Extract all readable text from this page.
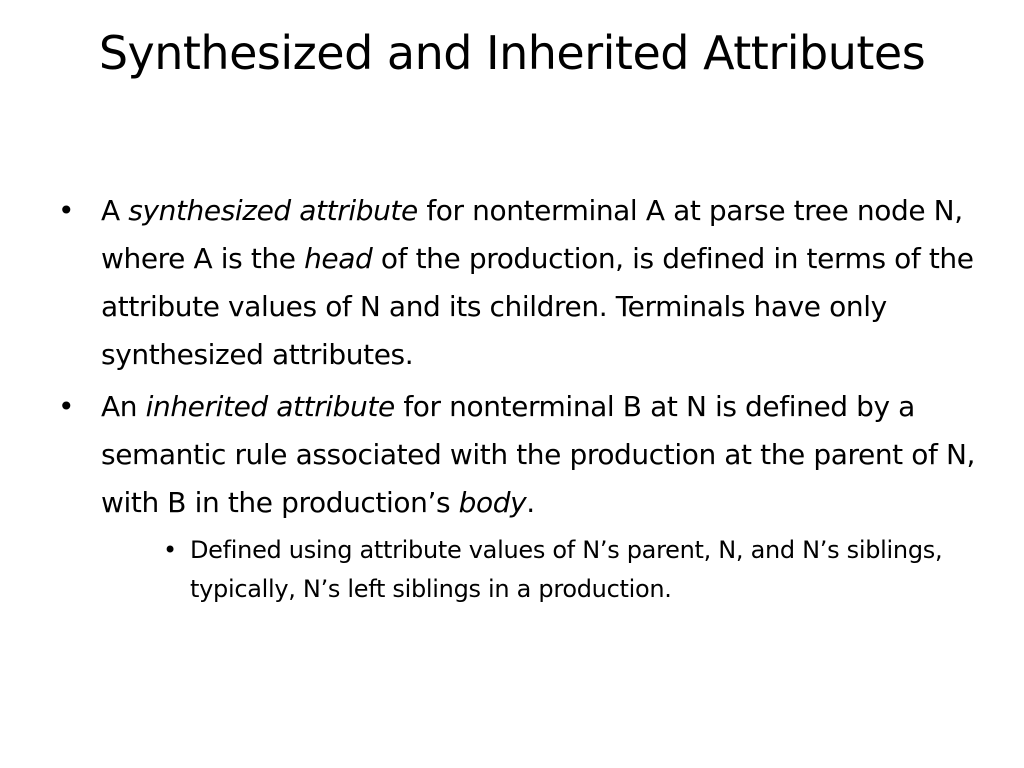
Synthesized and Inherited Attributes
• A synthesized attribute for nonterminal A at parse tree node N, where A is the head of the production, is defined in terms of the attribute values of N and its children. Terminals have only synthesized attributes.
• An inherited attribute for nonterminal B at N is defined by a semantic rule associated with the production at the parent of N, with B in the production’s body.
• Defined using attribute values of N’s parent, N, and N’s siblings, typically, N’s left siblings in a production.
